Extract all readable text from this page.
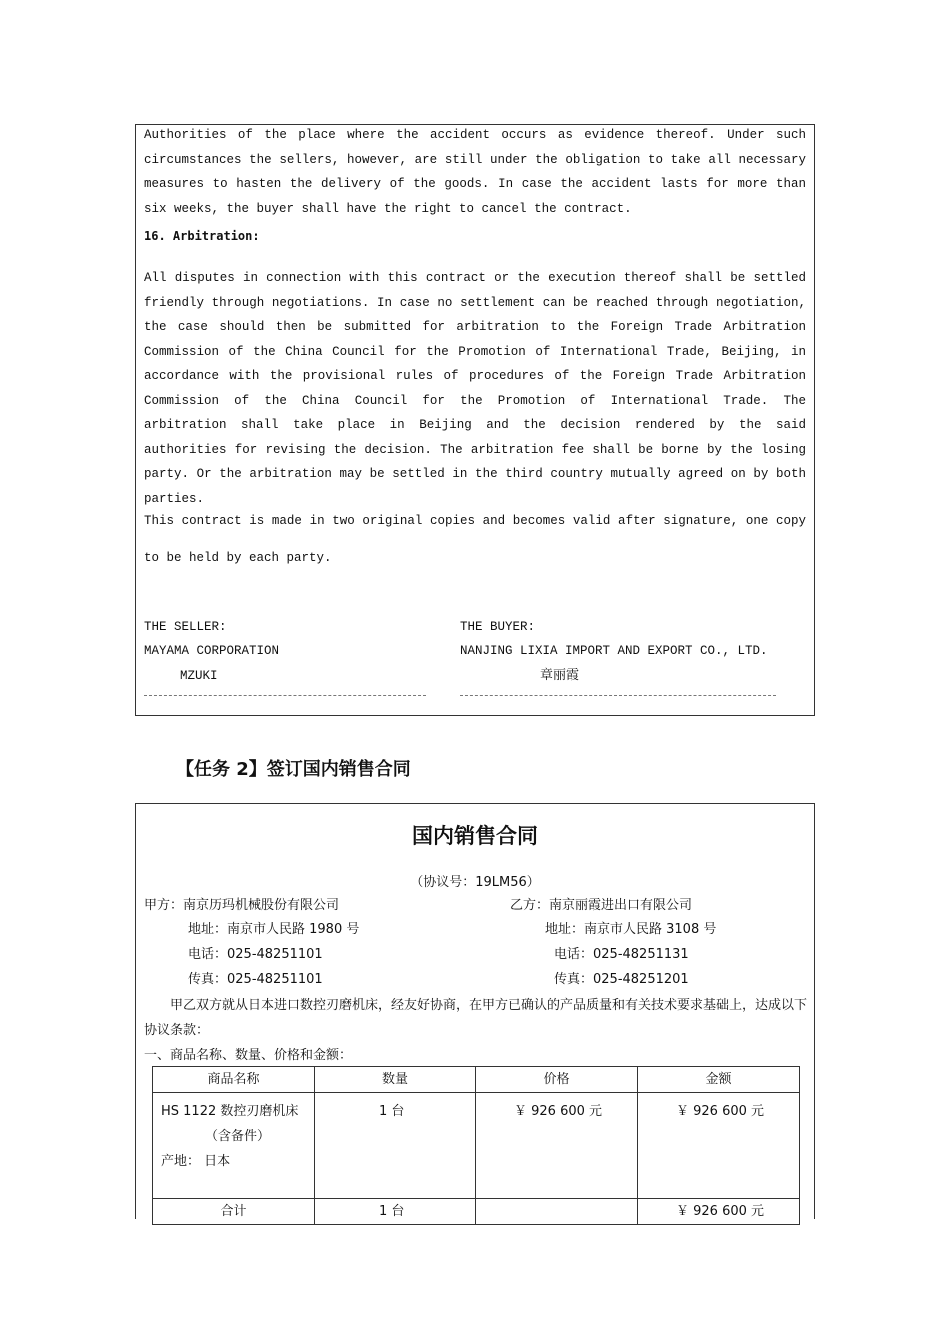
Authorities of the place where the accident occurs as evidence thereof. Under such circumstances the sellers, however, are still under the obligation to take all necessary measures to hasten the delivery of the goods. In case the accident lasts for more than six weeks, the buyer shall have the right to cancel the contract.

16. Arbitration:

All disputes in connection with this contract or the execution thereof shall be settled friendly through negotiations. In case no settlement can be reached through negotiation, the case should then be submitted for arbitration to the Foreign Trade Arbitration Commission of the China Council for the Promotion of International Trade, Beijing, in accordance with the provisional rules of procedures of the Foreign Trade Arbitration Commission of the China Council for the Promotion of International Trade. The arbitration shall take place in Beijing and the decision rendered by the said authorities for revising the decision. The arbitration fee shall be borne by the losing party. Or the arbitration may be settled in the third country mutually agreed on by both parties.

This contract is made in two original copies and becomes valid after signature, one copy to be held by each party.

THE SELLER:

MAYAMA CORPORATION

MZUKI

THE BUYER:

NANJING LIXIA IMPORT AND EXPORT CO., LTD.

章丽霞

【任务 2】签订国内销售合同

国内销售合同

（协议号：19LM56）

甲方：南京历玛机械股份有限公司

地址：南京市人民路 1980 号

电话：025-48251101

传真：025-48251101

乙方：南京丽霞进出口有限公司

地址：南京市人民路 3108 号

电话：025-48251131

传真：025-48251201

甲乙双方就从日本进口数控刃磨机床，经友好协商，在甲方已确认的产品质量和有关技术要求基础上，达成以下协议条款：

一、商品名称、数量、价格和金额：

商品名称	数量	价格	金额

HS 1122 数控刃磨机床
（含备件）
产地： 日本	1 台	￥ 926 600 元	￥ 926 600 元
合计	1 台		￥ 926 600 元
